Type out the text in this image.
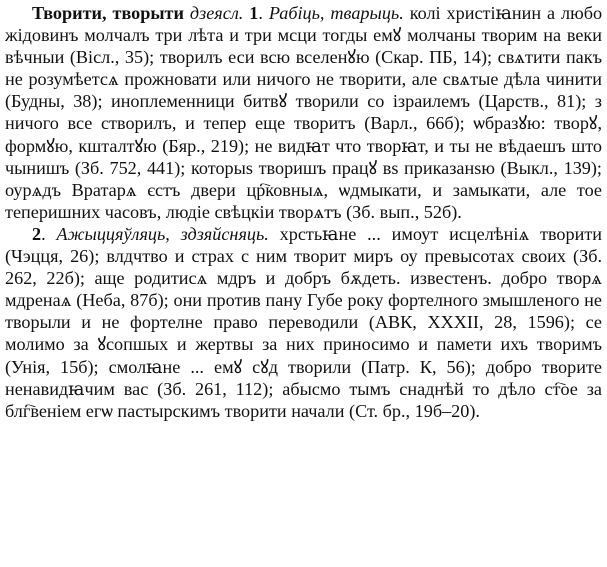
Творити, творыти дзеясл. 1. Рабіць, тварыць. колі христіꙗнин а любо жідовинъ молчалъ три лѣта и три мсци тогды емꙋ молчаны творим на веки вѣчныи (Вісл., 35); творилъ еси всю вселенꙋю (Скар. ПБ, 14); свѧтити пакъ не розумѣетсѧ прожновати или ничого не творити, але свѧтые дѣла чинити (Будны, 38); иноплеменници битвꙋ творили со ізраилемъ (Царств., 81); з ничого все створилъ, и тепер еще творитъ (Варл., 66б); ѡбразꙋю: творꙋ, формꙋю, кшталтꙋю (Бяр., 219); не видꙗт что творꙗт, и ты не вѣдаешъ што чынишъ (Зб. 752, 441); которыѕ творишъ працꙋ вѕ приказанѕю (Выкл., 139); оурѧдъ Вратарѧ єстъ двери цр҇ковныѧ, ѡдмыкати, и замыкати, але тое теперишних часовъ, людіе свѣцкіи творѧтъ (Зб. вып., 52б).

2. Ажыццяўляць, здзяйсняць. хрстьꙗне ... имоут исцелѣніѧ творити (Чэцця, 26); влдчтво и страх с ним творит миръ оу превысотах своих (Зб. 262, 22б); аще родитисѧ мдръ и добръ бѫдеть. известенъ. добро творѧ мдренаѧ (Неба, 87б); они против пану Губе року фортелного змышленого не творыли и не фортелне право переводили (АВК, XXXII, 28, 1596); се молимо за ꙋсопшых и жертвы за них приносимо и памети ихъ творимъ (Унія, 15б); смолꙗне ... емꙋ сꙋд творили (Патр. К, 56); добро творите ненавидꙗчим вас (Зб. 261, 112); абысмо тымъ снаднѣй то дѣло ст҇ое за блг҇веніем егѡ пастырскимъ творити начали (Ст. бр., 19б–20).
